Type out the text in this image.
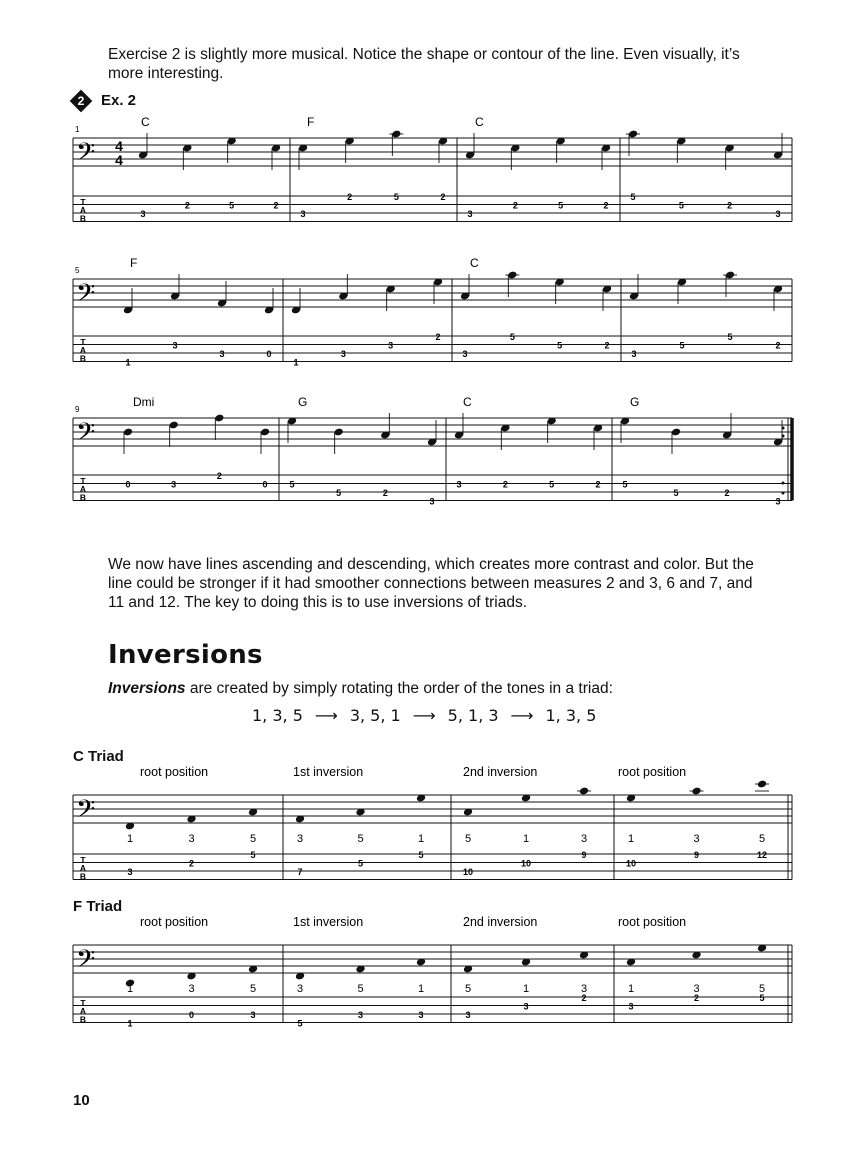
Exercise 2 is slightly more musical. Notice the shape or contour of the line. Even visually, it’s more interesting.

2	Ex. 2

We now have lines ascending and descending, which creates more contrast and color. But the line could be stronger if it had smoother connections between measures 2 and 3, 6 and 7, and 11 and 12. The key to doing this is to use inversions of triads.

Inversions
Inversions are created by simply rotating the order of the tones in a triad:
1, 3, 5 ⟶ 3, 5, 1 ⟶ 5, 1, 3 ⟶ 1, 3, 5
C Triad
F Triad
10
T
A
B
𝄢
1
4
4
C	F	C
3
2	5	2
3
2	5	2
3
2	5	2
5
5	2
3
T
A
B
𝄢
5
F	C
1
3
3	0
1
3
3
2
3
5
5	2
3
5
5
2
T
A
B
𝄢
9
Dmi	G	C	G
0	3
2
0 5
5	2
3
3	2	5	2 5
5	2
3
T
A
B
𝄢
root position	1st inversion	2nd inversion	root position
1
3
3
2
5
5
3
7
5
5
1
5
5
10
1
10
3
9
1
10
3
9
5
12
T
A
B
𝄢
root position	1st inversion	2nd inversion	root position
1
1
3
0
5
3
3
5
5
3
1
3
5
3
1
3
3
2
1
3
3
2
5
5
